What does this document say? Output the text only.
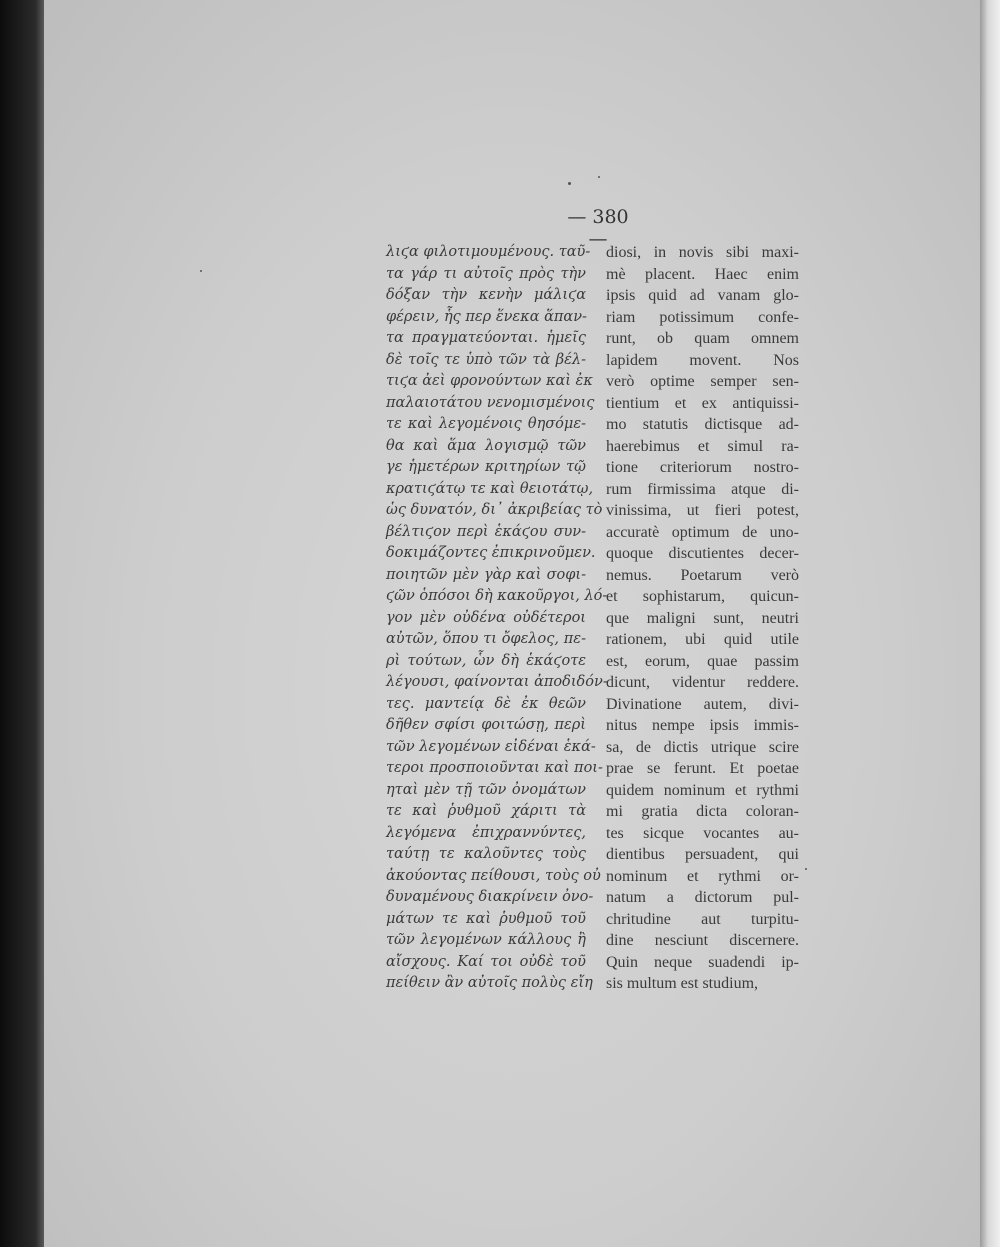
— 380 —
λιϛα φιλοτιμουμένους. ταῦ-
τα γάρ τι αὐτοῖς πρὸς τὴν
δόξαν τὴν κενὴν μάλιϛα
φέρειν, ἧς περ ἕνεκα ἅπαν-
τα πραγματεύονται. ἡμεῖς
δὲ τοῖς τε ὑπὸ τῶν τὰ βέλ-
τιϛα ἀεὶ φρονούντων καὶ ἐκ
παλαιοτάτου νενομισμένοις
τε καὶ λεγομένοις θησόμε-
θα καὶ ἅμα λογισμῷ τῶν
γε ἡμετέρων κριτηρίων τῷ
κρατιϛάτῳ τε καὶ θειοτάτῳ,
ὡς δυνατόν, δι᾽ ἀκριβείας τὸ
βέλτιϛον περὶ ἑκάϛου συν-
δοκιμάζοντες ἐπικρινοῦμεν.
ποιητῶν μὲν γὰρ καὶ σοφι-
ϛῶν ὁπόσοι δὴ κακοῦργοι, λό-
γον μὲν οὐδένα οὐδέτεροι
αὐτῶν, ὅπου τι ὄφελος, πε-
ρὶ τούτων, ὧν δὴ ἑκάϛοτε
λέγουσι, φαίνονται ἀποδιδόν-
τες. μαντείᾳ δὲ ἐκ θεῶν
δῆθεν σφίσι φοιτώσῃ, περὶ
τῶν λεγομένων εἰδέναι ἑκά-
τεροι προσποιοῦνται καὶ ποι-
ηταὶ μὲν τῇ τῶν ὀνομάτων
τε καὶ ῥυθμοῦ χάριτι τὰ
λεγόμενα ἐπιχραννύντες,
ταύτῃ τε καλοῦντες τοὺς
ἀκούοντας πείθουσι, τοὺς οὐ
δυναμένους διακρίνειν ὀνο-
μάτων τε καὶ ῥυθμοῦ τοῦ
τῶν λεγομένων κάλλους ἢ
αἴσχους. Καί τοι οὐδὲ τοῦ
πείθειν ἂν αὐτοῖς πολὺς εἴη
diosi, in novis sibi maxi-
mè placent. Haec enim
ipsis quid ad vanam glo-
riam potissimum confe-
runt, ob quam omnem
lapidem movent. Nos
verò optime semper sen-
tientium et ex antiquissi-
mo statutis dictisque ad-
haerebimus et simul ra-
tione criteriorum nostro-
rum firmissima atque di-
vinissima, ut fieri potest,
accuratè optimum de uno-
quoque discutientes decer-
nemus. Poetarum verò
et sophistarum, quicun-
que maligni sunt, neutri
rationem, ubi quid utile
est, eorum, quae passim
dicunt, videntur reddere.
Divinatione autem, divi-
nitus nempe ipsis immis-
sa, de dictis utrique scire
prae se ferunt. Et poetae
quidem nominum et rythmi
mi gratia dicta coloran-
tes sicque vocantes au-
dientibus persuadent, qui
nominum et rythmi or-
natum a dictorum pul-
chritudine aut turpitu-
dine nesciunt discernere.
Quin neque suadendi ip-
sis multum est studium,
